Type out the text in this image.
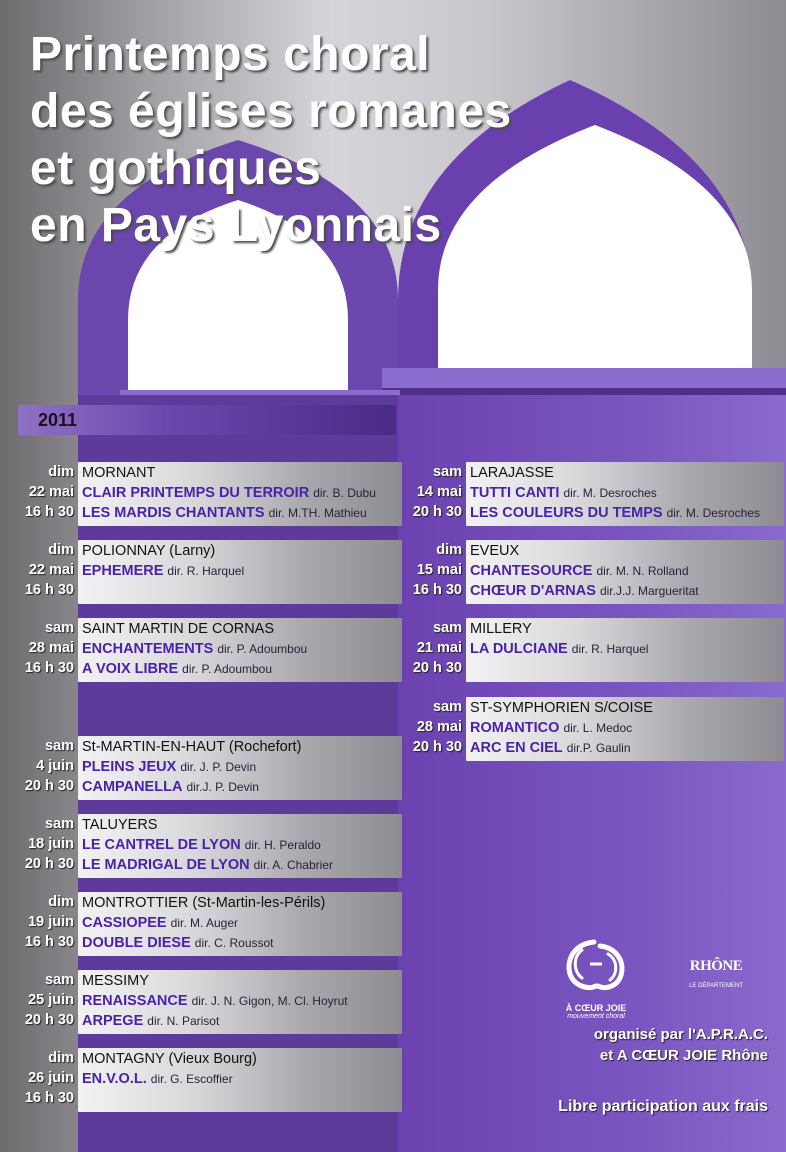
Printemps choral
des églises romanes
et gothiques
en Pays Lyonnais
2011
dim
22 mai
16 h 30
MORNANT
CLAIR PRINTEMPS DU TERROIR dir. B. Dubu
LES MARDIS CHANTANTS dir. M.TH. Mathieu
dim
22 mai
16 h 30
POLIONNAY (Larny)
EPHEMERE dir. R. Harquel
sam
28 mai
16 h 30
SAINT MARTIN DE CORNAS
ENCHANTEMENTS dir. P. Adoumbou
A VOIX LIBRE dir. P. Adoumbou
sam
4 juin
20 h 30
St-MARTIN-EN-HAUT (Rochefort)
PLEINS JEUX dir. J. P. Devin
CAMPANELLA dir.J. P. Devin
sam
18 juin
20 h 30
TALUYERS
LE CANTREL DE LYON dir. H. Peraldo
LE MADRIGAL DE LYON dir. A. Chabrier
dim
19 juin
16 h 30
MONTROTTIER (St-Martin-les-Périls)
CASSIOPEE dir. M. Auger
DOUBLE DIESE dir. C. Roussot
sam
25 juin
20 h 30
MESSIMY
RENAISSANCE dir. J. N. Gigon, M. Cl. Hoyrut
ARPEGE dir. N. Parisot
dim
26 juin
16 h 30
MONTAGNY (Vieux Bourg)
EN.V.O.L. dir. G. Escoffier
sam
14 mai
20 h 30
LARAJASSE
TUTTI CANTI dir. M. Desroches
LES COULEURS DU TEMPS dir. M. Desroches
dim
15 mai
16 h 30
EVEUX
CHANTESOURCE dir. M. N. Rolland
CHŒUR D'ARNAS dir.J.J. Margueritat
sam
21 mai
20 h 30
MILLERY
LA DULCIANE dir. R. Harquel
sam
28 mai
20 h 30
ST-SYMPHORIEN S/COISE
ROMANTICO dir. L. Medoc
ARC EN CIEL dir.P. Gaulin
À CŒUR JOIE
mouvement choral
RHÔNE
LE DÉPARTEMENT
organisé par l'A.P.R.A.C.
et A CŒUR JOIE Rhône
Libre participation aux frais
